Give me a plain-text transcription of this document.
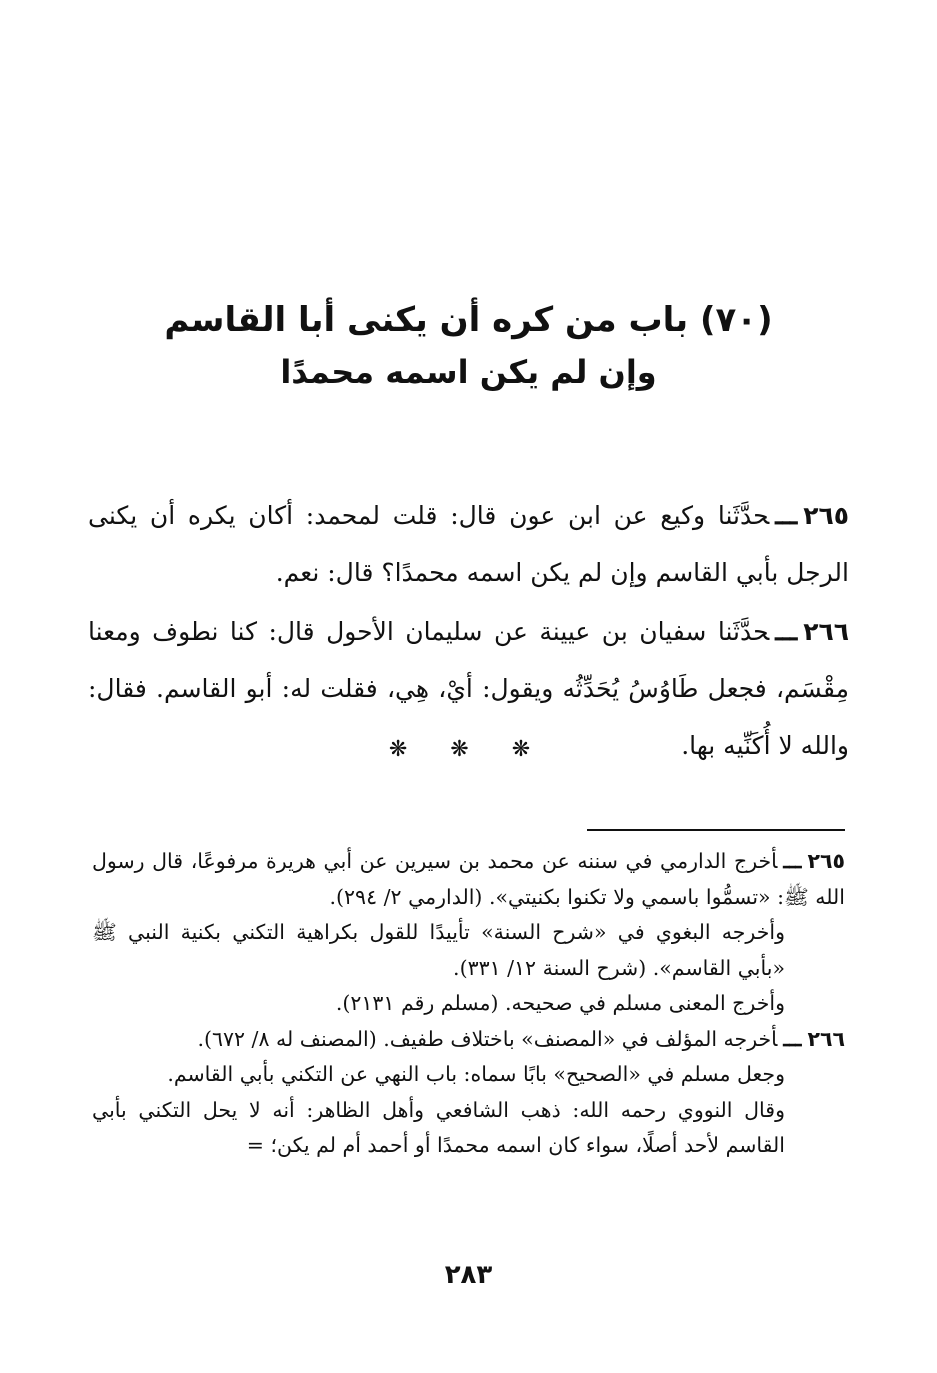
(٧٠) باب من كره أن يكنى أبا القاسم
وإن لم يكن اسمه محمدًا

٢٦٥ـــحدَّثَنا وكيع عن ابن عون قال: قلت لمحمد: أكان يكره أن يكنى الرجل بأبي القاسم وإن لم يكن اسمه محمدًا؟ قال: نعم.

٢٦٦ـــحدَّثَنا سفيان بن عيينة عن سليمان الأحول قال: كنا نطوف ومعنا مِقْسَم، فجعل طَاوُسُ يُحَدِّثُه ويقول: أيْ، هِي، فقلت له: أبو القاسم. فقال: والله لا أُكَنِّيه بها.

❋ ❋ ❋

٢٦٥ـــأخرج الدارمي في سننه عن محمد بن سيرين عن أبي هريرة مرفوعًا، قال رسول الله ﷺ: «تسمُّوا باسمي ولا تكنوا بكنيتي». (الدارمي ٢/ ٢٩٤).

وأخرجه البغوي في «شرح السنة» تأييدًا للقول بكراهية التكني بكنية النبي ﷺ «بأبي القاسم». (شرح السنة ١٢/ ٣٣١).

وأخرج المعنى مسلم في صحيحه. (مسلم رقم ٢١٣١).

٢٦٦ـــأخرجه المؤلف في «المصنف» باختلاف طفيف. (المصنف له ٨/ ٦٧٢).

وجعل مسلم في «الصحيح» بابًا سماه: باب النهي عن التكني بأبي القاسم.

وقال النووي رحمه الله: ذهب الشافعي وأهل الظاهر: أنه لا يحل التكني بأبي القاسم لأحد أصلًا، سواء كان اسمه محمدًا أو أحمد أم لم يكن؛ =

٢٨٣
